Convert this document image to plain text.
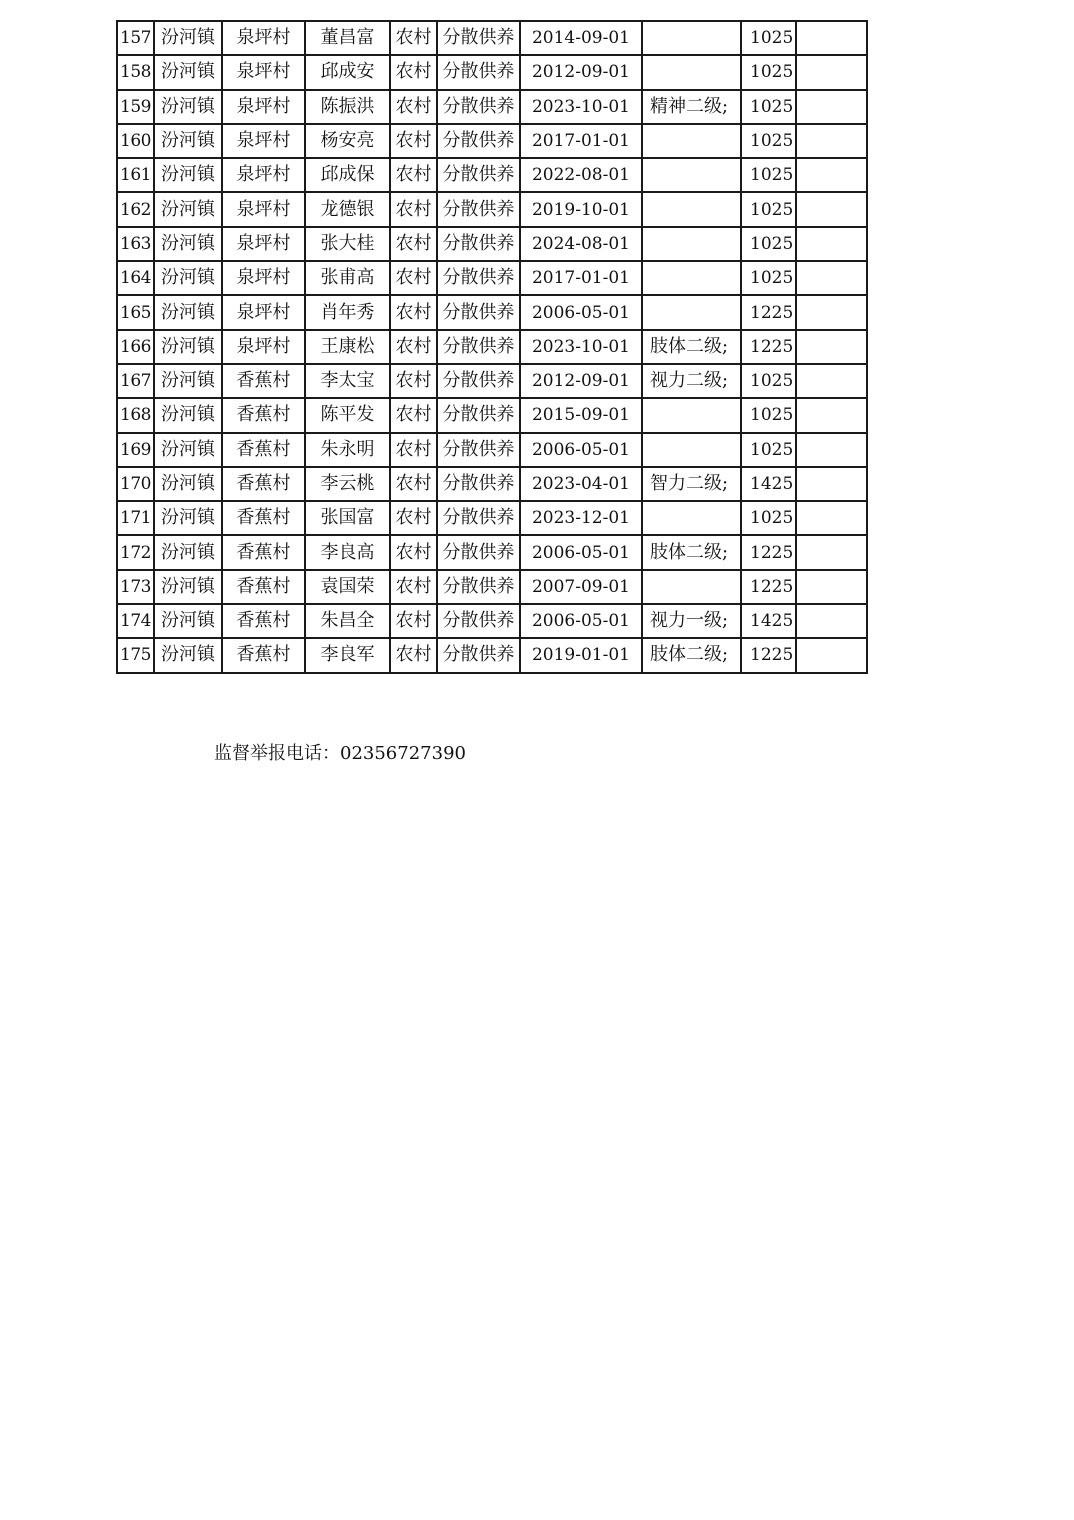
157	汾河镇	泉坪村	董昌富	农村	分散供养	2014-09-01		1025	
158	汾河镇	泉坪村	邱成安	农村	分散供养	2012-09-01		1025	
159	汾河镇	泉坪村	陈振洪	农村	分散供养	2023-10-01	精神二级;	1025	
160	汾河镇	泉坪村	杨安亮	农村	分散供养	2017-01-01		1025	
161	汾河镇	泉坪村	邱成保	农村	分散供养	2022-08-01		1025	
162	汾河镇	泉坪村	龙德银	农村	分散供养	2019-10-01		1025	
163	汾河镇	泉坪村	张大桂	农村	分散供养	2024-08-01		1025	
164	汾河镇	泉坪村	张甫高	农村	分散供养	2017-01-01		1025	
165	汾河镇	泉坪村	肖年秀	农村	分散供养	2006-05-01		1225	
166	汾河镇	泉坪村	王康松	农村	分散供养	2023-10-01	肢体二级;	1225	
167	汾河镇	香蕉村	李太宝	农村	分散供养	2012-09-01	视力二级;	1025	
168	汾河镇	香蕉村	陈平发	农村	分散供养	2015-09-01		1025	
169	汾河镇	香蕉村	朱永明	农村	分散供养	2006-05-01		1025	
170	汾河镇	香蕉村	李云桃	农村	分散供养	2023-04-01	智力二级;	1425	
171	汾河镇	香蕉村	张国富	农村	分散供养	2023-12-01		1025	
172	汾河镇	香蕉村	李良高	农村	分散供养	2006-05-01	肢体二级;	1225	
173	汾河镇	香蕉村	袁国荣	农村	分散供养	2007-09-01		1225	
174	汾河镇	香蕉村	朱昌全	农村	分散供养	2006-05-01	视力一级;	1425	
175	汾河镇	香蕉村	李良军	农村	分散供养	2019-01-01	肢体二级;	1225	
监督举报电话：02356727390
